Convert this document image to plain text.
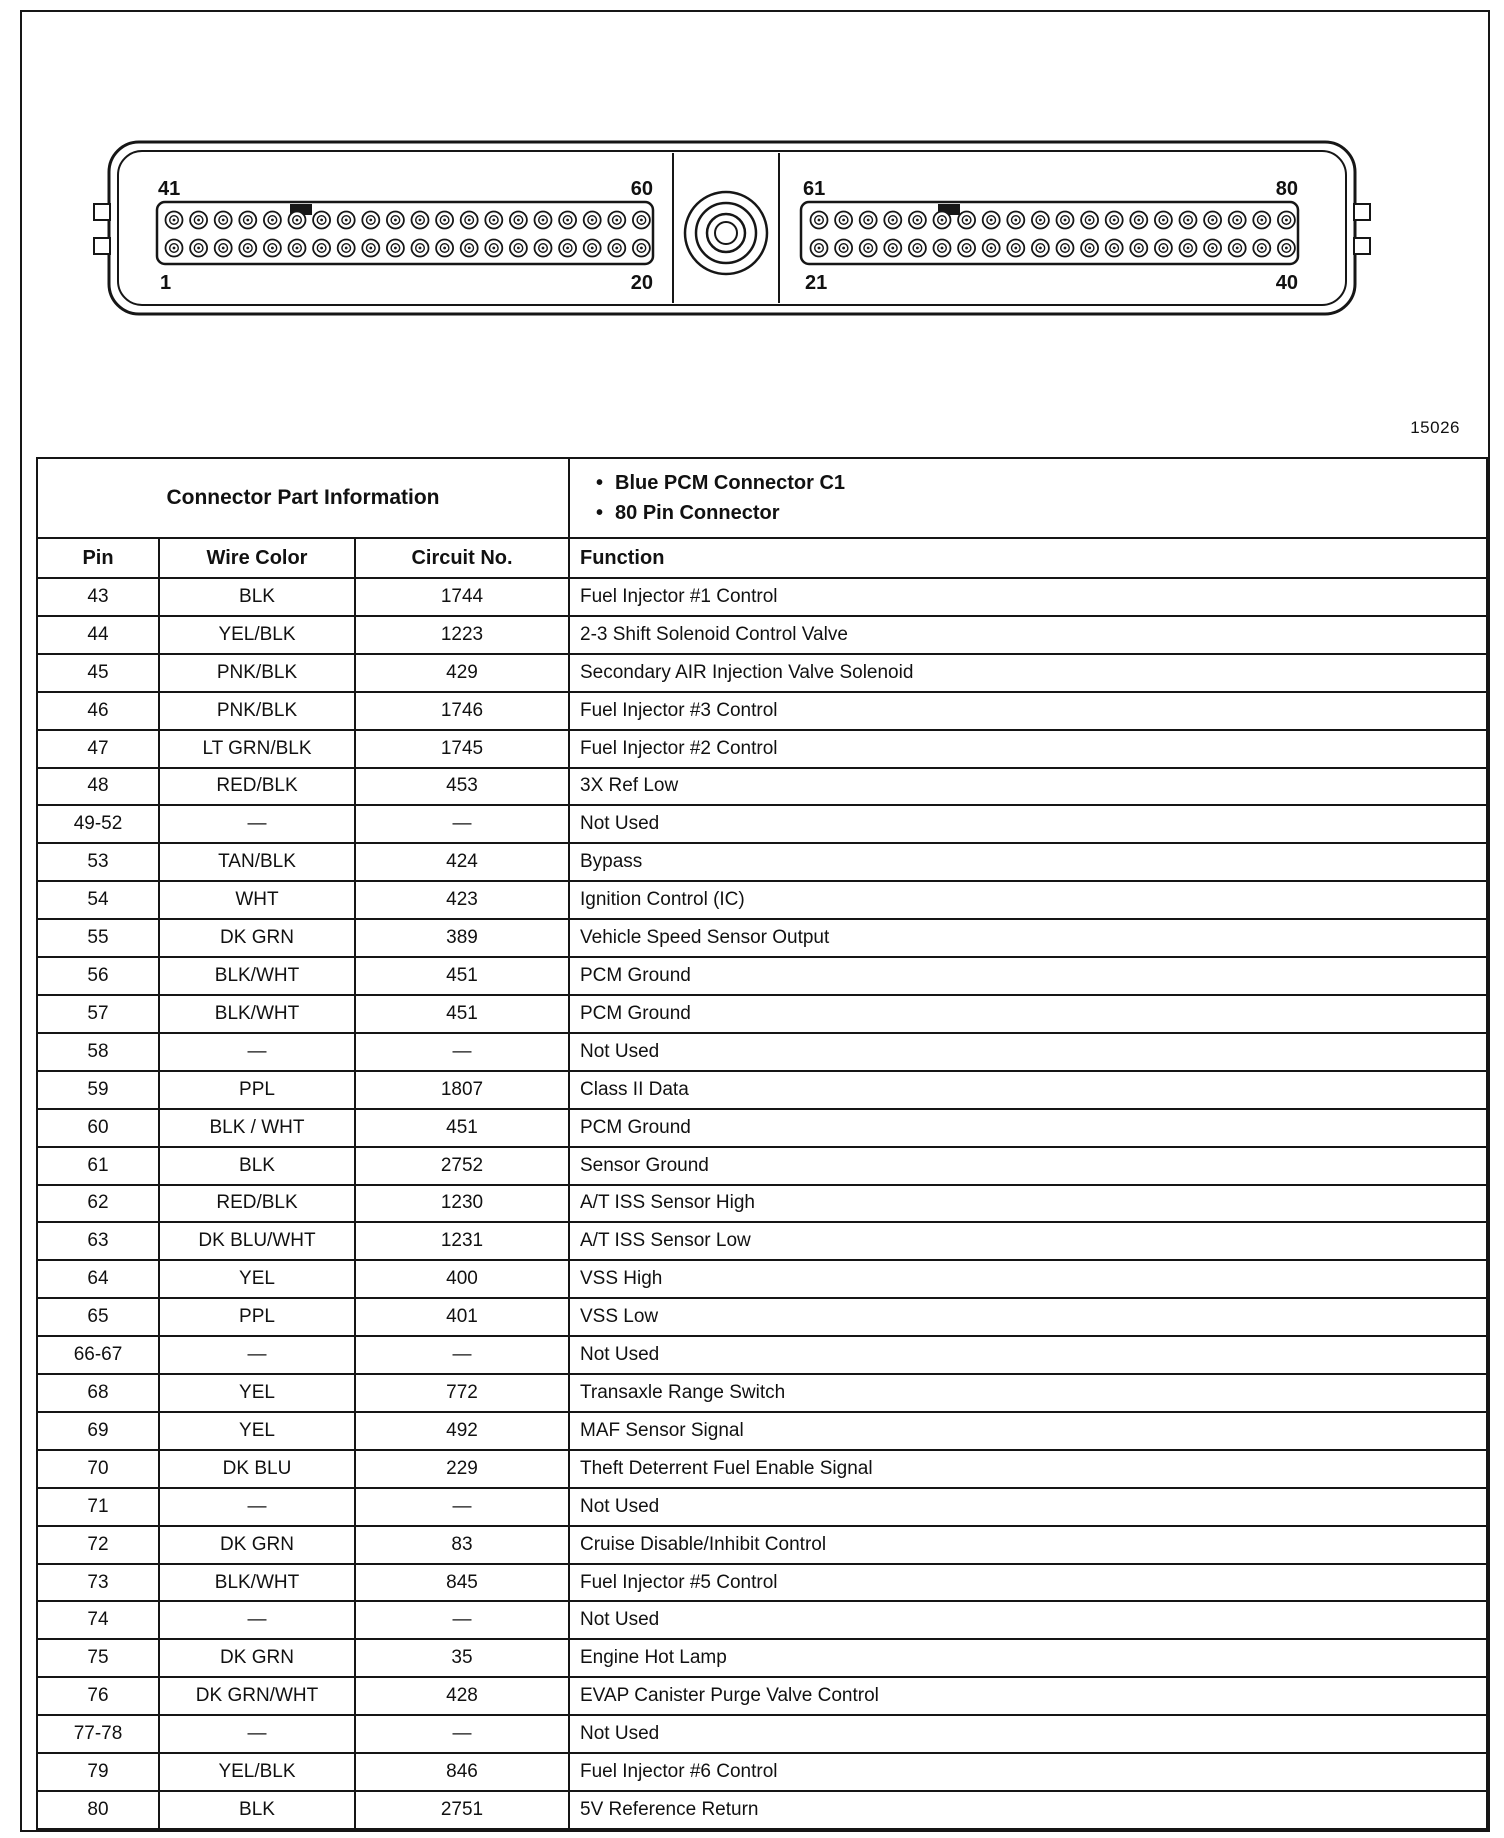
41	60
1	20
61	80
21	40
15026
Connector Part Information			• Blue PCM Connector C1
• 80 Pin Connector

Pin	Wire Color	Circuit No.	Function
43	BLK	1744	Fuel Injector #1 Control
44	YEL/BLK	1223	2-3 Shift Solenoid Control Valve
45	PNK/BLK	429	Secondary AIR Injection Valve Solenoid
46	PNK/BLK	1746	Fuel Injector #3 Control
47	LT GRN/BLK	1745	Fuel Injector #2 Control
48	RED/BLK	453	3X Ref Low
49-52	—	—	Not Used
53	TAN/BLK	424	Bypass
54	WHT	423	Ignition Control (IC)
55	DK GRN	389	Vehicle Speed Sensor Output
56	BLK/WHT	451	PCM Ground
57	BLK/WHT	451	PCM Ground
58	—	—	Not Used
59	PPL	1807	Class II Data
60	BLK / WHT	451	PCM Ground
61	BLK	2752	Sensor Ground
62	RED/BLK	1230	A/T ISS Sensor High
63	DK BLU/WHT	1231	A/T ISS Sensor Low
64	YEL	400	VSS High
65	PPL	401	VSS Low
66-67	—	—	Not Used
68	YEL	772	Transaxle Range Switch
69	YEL	492	MAF Sensor Signal
70	DK BLU	229	Theft Deterrent Fuel Enable Signal
71	—	—	Not Used
72	DK GRN	83	Cruise Disable/Inhibit Control
73	BLK/WHT	845	Fuel Injector #5 Control
74	—	—	Not Used
75	DK GRN	35	Engine Hot Lamp
76	DK GRN/WHT	428	EVAP Canister Purge Valve Control
77-78	—	—	Not Used
79	YEL/BLK	846	Fuel Injector #6 Control
80	BLK	2751	5V Reference Return
